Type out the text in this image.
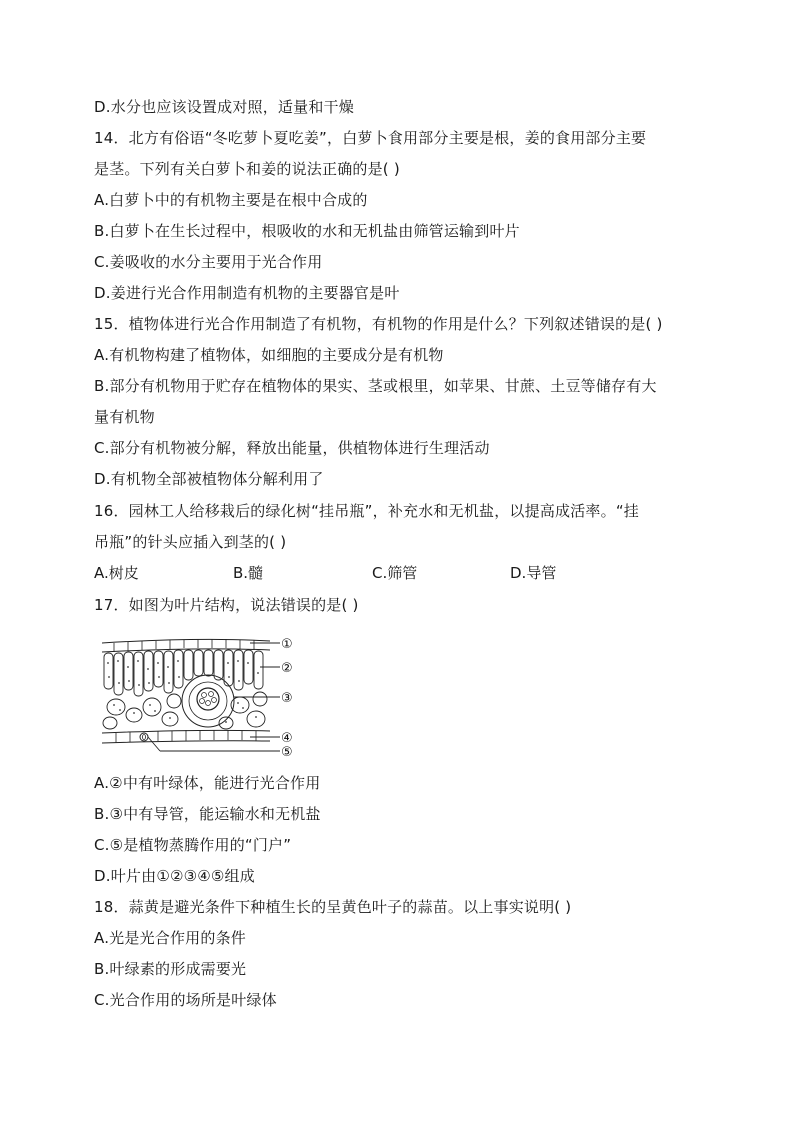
D.水分也应该设置成对照，适量和干燥
14．北方有俗语“冬吃萝卜夏吃姜”，白萝卜食用部分主要是根，姜的食用部分主要
是茎。下列有关白萝卜和姜的说法正确的是( )
A.白萝卜中的有机物主要是在根中合成的
B.白萝卜在生长过程中，根吸收的水和无机盐由筛管运输到叶片
C.姜吸收的水分主要用于光合作用
D.姜进行光合作用制造有机物的主要器官是叶
15．植物体进行光合作用制造了有机物，有机物的作用是什么？下列叙述错误的是( )
A.有机物构建了植物体，如细胞的主要成分是有机物
B.部分有机物用于贮存在植物体的果实、茎或根里，如苹果、甘蔗、土豆等储存有大
量有机物
C.部分有机物被分解，释放出能量，供植物体进行生理活动
D.有机物全部被植物体分解利用了
16．园林工人给移栽后的绿化树“挂吊瓶”，补充水和无机盐，以提高成活率。“挂
吊瓶”的针头应插入到茎的( )
A.树皮	B.髓	C.筛管	D.导管
17．如图为叶片结构，说法错误的是( )
①
②
③
④
⑤
A.②中有叶绿体，能进行光合作用
B.③中有导管，能运输水和无机盐
C.⑤是植物蒸腾作用的“门户”
D.叶片由①②③④⑤组成
18．蒜黄是避光条件下种植生长的呈黄色叶子的蒜苗。以上事实说明( )
A.光是光合作用的条件
B.叶绿素的形成需要光
C.光合作用的场所是叶绿体
